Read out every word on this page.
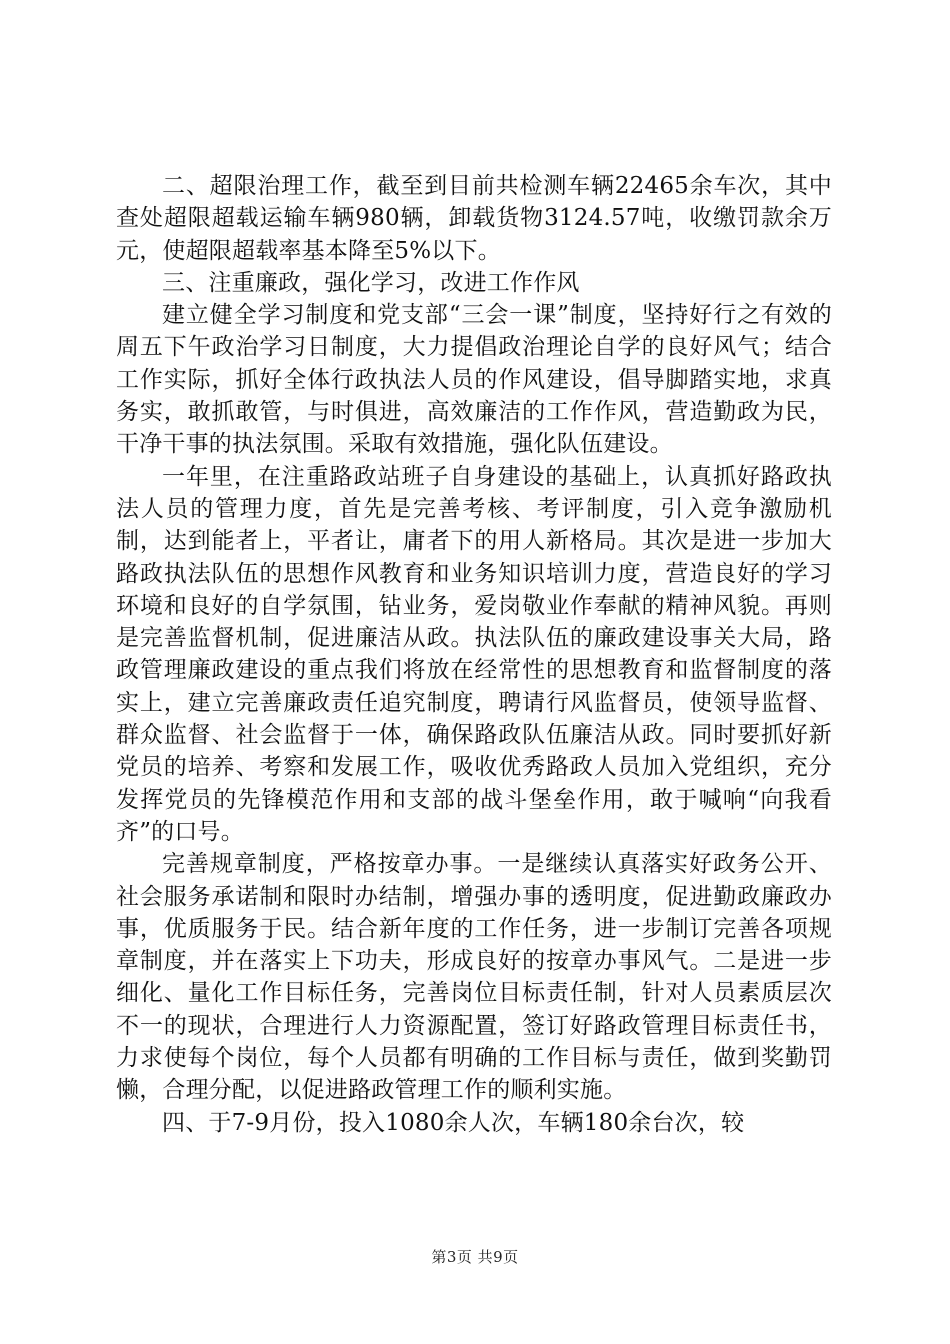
二、超限治理工作，截至到目前共检测车辆22465余车次，其中查处超限超载运输车辆980辆，卸载货物3124.57吨，收缴罚款余万元，使超限超载率基本降至5%以下。

三、注重廉政，强化学习，改进工作作风

建立健全学习制度和党支部“三会一课”制度，坚持好行之有效的周五下午政治学习日制度，大力提倡政治理论自学的良好风气；结合工作实际，抓好全体行政执法人员的作风建设，倡导脚踏实地，求真务实，敢抓敢管，与时俱进，高效廉洁的工作作风，营造勤政为民，干净干事的执法氛围。采取有效措施，强化队伍建设。

一年里，在注重路政站班子自身建设的基础上，认真抓好路政执法人员的管理力度，首先是完善考核、考评制度，引入竞争激励机制，达到能者上，平者让，庸者下的用人新格局。其次是进一步加大路政执法队伍的思想作风教育和业务知识培训力度，营造良好的学习环境和良好的自学氛围，钻业务，爱岗敬业作奉献的精神风貌。再则是完善监督机制，促进廉洁从政。执法队伍的廉政建设事关大局，路政管理廉政建设的重点我们将放在经常性的思想教育和监督制度的落实上，建立完善廉政责任追究制度，聘请行风监督员，使领导监督、群众监督、社会监督于一体，确保路政队伍廉洁从政。同时要抓好新党员的培养、考察和发展工作，吸收优秀路政人员加入党组织，充分发挥党员的先锋模范作用和支部的战斗堡垒作用，敢于喊响“向我看齐”的口号。

完善规章制度，严格按章办事。一是继续认真落实好政务公开、社会服务承诺制和限时办结制，增强办事的透明度，促进勤政廉政办事，优质服务于民。结合新年度的工作任务，进一步制订完善各项规章制度，并在落实上下功夫，形成良好的按章办事风气。二是进一步细化、量化工作目标任务，完善岗位目标责任制，针对人员素质层次不一的现状，合理进行人力资源配置，签订好路政管理目标责任书，力求使每个岗位，每个人员都有明确的工作目标与责任，做到奖勤罚懒，合理分配，以促进路政管理工作的顺利实施。

四、于7-9月份，投入1080余人次，车辆180余台次，较

第3页 共9页
